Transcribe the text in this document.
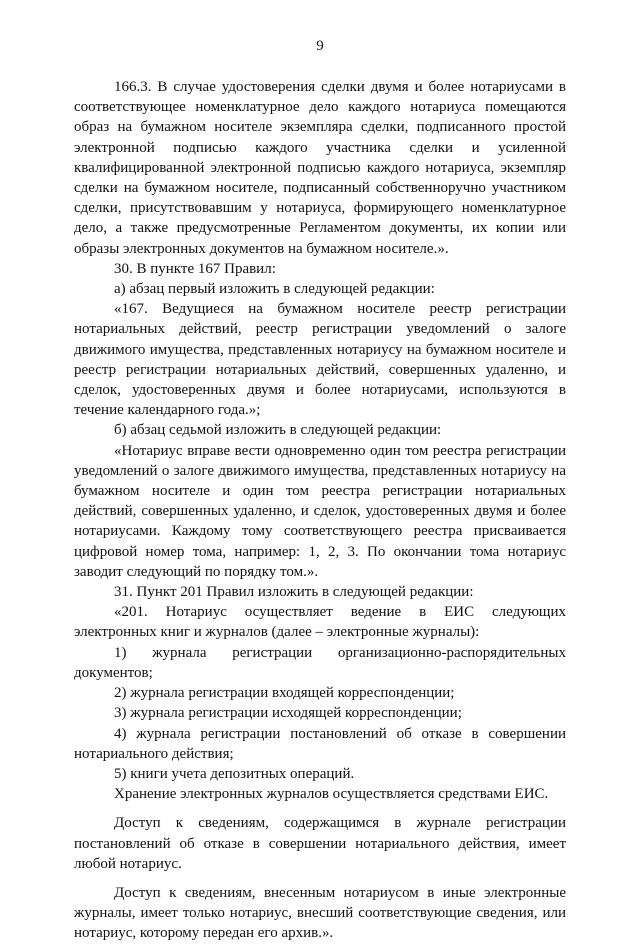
9

166.3. В случае удостоверения сделки двумя и более нотариусами в соответствующее номенклатурное дело каждого нотариуса помещаются образ на бумажном носителе экземпляра сделки, подписанного простой электронной подписью каждого участника сделки и усиленной квалифицированной электронной подписью каждого нотариуса, экземпляр сделки на бумажном носителе, подписанный собственноручно участником сделки, присутствовавшим у нотариуса, формирующего номенклатурное дело, а также предусмотренные Регламентом документы, их копии или образы электронных документов на бумажном носителе.».

30. В пункте 167 Правил:

а) абзац первый изложить в следующей редакции:

«167. Ведущиеся на бумажном носителе реестр регистрации нотариальных действий, реестр регистрации уведомлений о залоге движимого имущества, представленных нотариусу на бумажном носителе и реестр регистрации нотариальных действий, совершенных удаленно, и сделок, удостоверенных двумя и более нотариусами, используются в течение календарного года.»;

б) абзац седьмой изложить в следующей редакции:

«Нотариус вправе вести одновременно один том реестра регистрации уведомлений о залоге движимого имущества, представленных нотариусу на бумажном носителе и один том реестра регистрации нотариальных действий, совершенных удаленно, и сделок, удостоверенных двумя и более нотариусами. Каждому тому соответствующего реестра присваивается цифровой номер тома, например: 1, 2, 3. По окончании тома нотариус заводит следующий по порядку том.».

31. Пункт 201 Правил изложить в следующей редакции:

«201. Нотариус осуществляет ведение в ЕИС следующих электронных книг и журналов (далее – электронные журналы):

1) журнала регистрации организационно-распорядительных документов;

2) журнала регистрации входящей корреспонденции;

3) журнала регистрации исходящей корреспонденции;

4) журнала регистрации постановлений об отказе в совершении нотариального действия;

5) книги учета депозитных операций.

Хранение электронных журналов осуществляется средствами ЕИС.

Доступ к сведениям, содержащимся в журнале регистрации постановлений об отказе в совершении нотариального действия, имеет любой нотариус.

Доступ к сведениям, внесенным нотариусом в иные электронные журналы, имеет только нотариус, внесший соответствующие сведения, или нотариус, которому передан его архив.».
